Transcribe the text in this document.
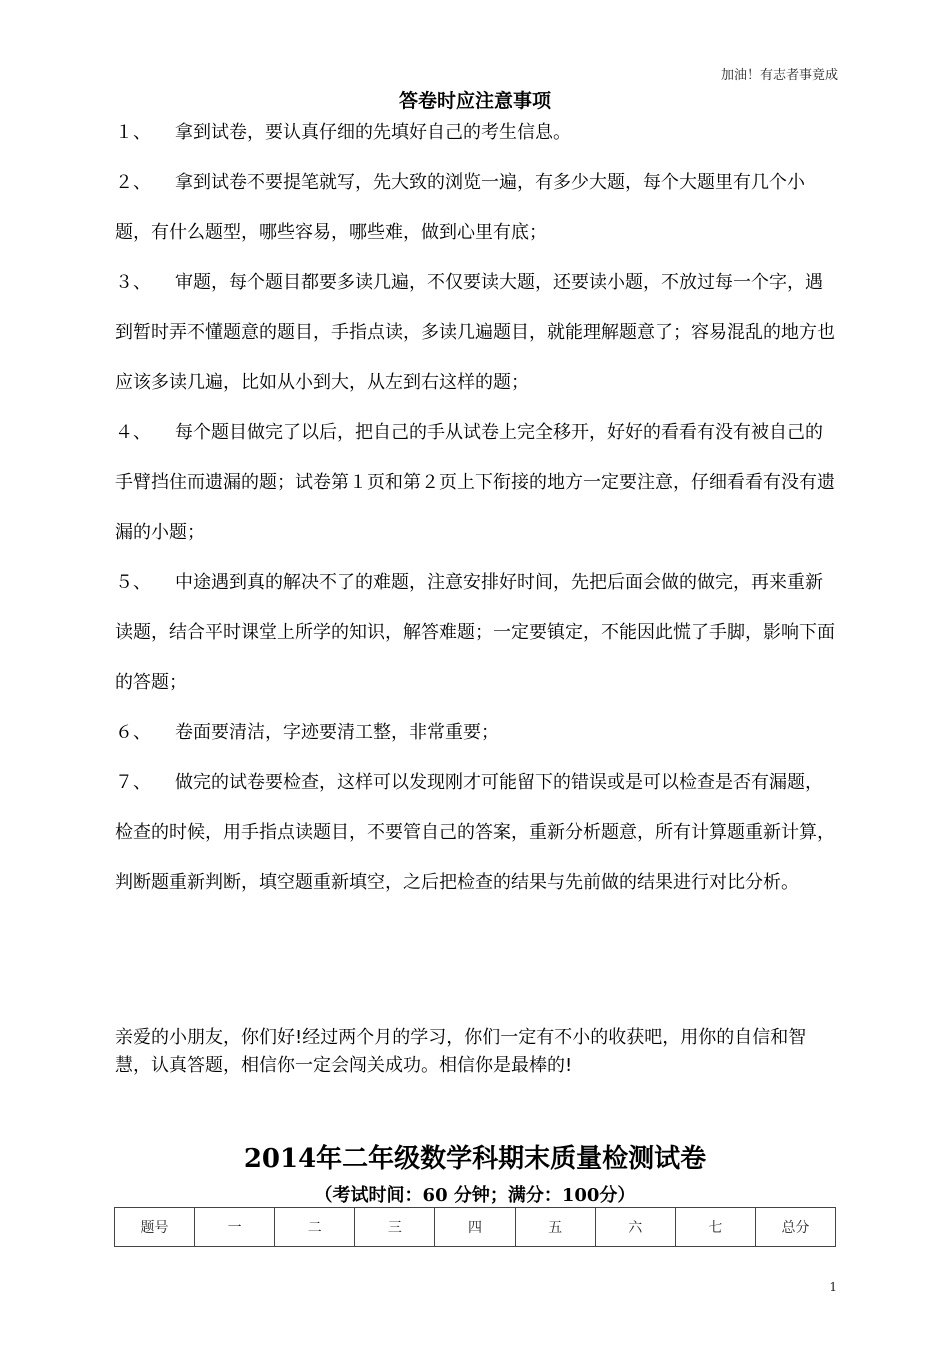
加油！有志者事竟成
答卷时应注意事项

１、 拿到试卷，要认真仔细的先填好自己的考生信息。

２、 拿到试卷不要提笔就写，先大致的浏览一遍，有多少大题，每个大题里有几个小题，有什么题型，哪些容易，哪些难，做到心里有底；

３、 审题，每个题目都要多读几遍，不仅要读大题，还要读小题，不放过每一个字，遇到暂时弄不懂题意的题目，手指点读，多读几遍题目，就能理解题意了；容易混乱的地方也应该多读几遍，比如从小到大，从左到右这样的题；

４、 每个题目做完了以后，把自己的手从试卷上完全移开，好好的看看有没有被自己的手臂挡住而遗漏的题；试卷第１页和第２页上下衔接的地方一定要注意，仔细看看有没有遗漏的小题；

５、 中途遇到真的解决不了的难题，注意安排好时间，先把后面会做的做完，再来重新读题，结合平时课堂上所学的知识，解答难题；一定要镇定，不能因此慌了手脚，影响下面的答题；

６、 卷面要清洁，字迹要清工整，非常重要；

７、 做完的试卷要检查，这样可以发现刚才可能留下的错误或是可以检查是否有漏题，检查的时候，用手指点读题目，不要管自己的答案，重新分析题意，所有计算题重新计算，判断题重新判断，填空题重新填空，之后把检查的结果与先前做的结果进行对比分析。

亲爱的小朋友，你们好!经过两个月的学习，你们一定有不小的收获吧，用你的自信和智慧，认真答题，相信你一定会闯关成功。相信你是最棒的!
2014年二年级数学科期末质量检测试卷
（考试时间：60 分钟；满分：100分）
题号	一	二	三	四	五	六	七	总分
1
